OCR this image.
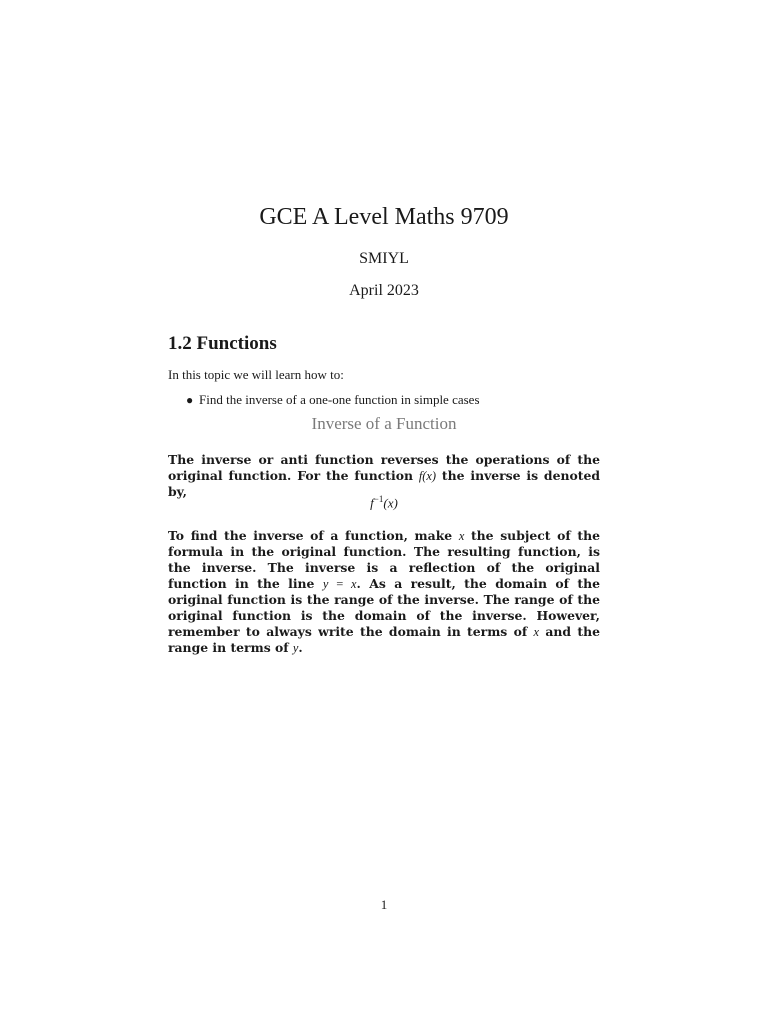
GCE A Level Maths 9709
SMIYL
April 2023
1.2 Functions
In this topic we will learn how to:
● Find the inverse of a one-one function in simple cases
Inverse of a Function
The inverse or anti function reverses the operations of the original function. For the function f(x) the inverse is denoted by,
$f^{-1}(x)$
To find the inverse of a function, make x the subject of the formula in the original function. The resulting function, is the inverse. The inverse is a reflection of the original function in the line y = x. As a result, the domain of the original function is the range of the inverse. The range of the original function is the domain of the inverse. However, remember to always write the domain in terms of x and the range in terms of y.
1
